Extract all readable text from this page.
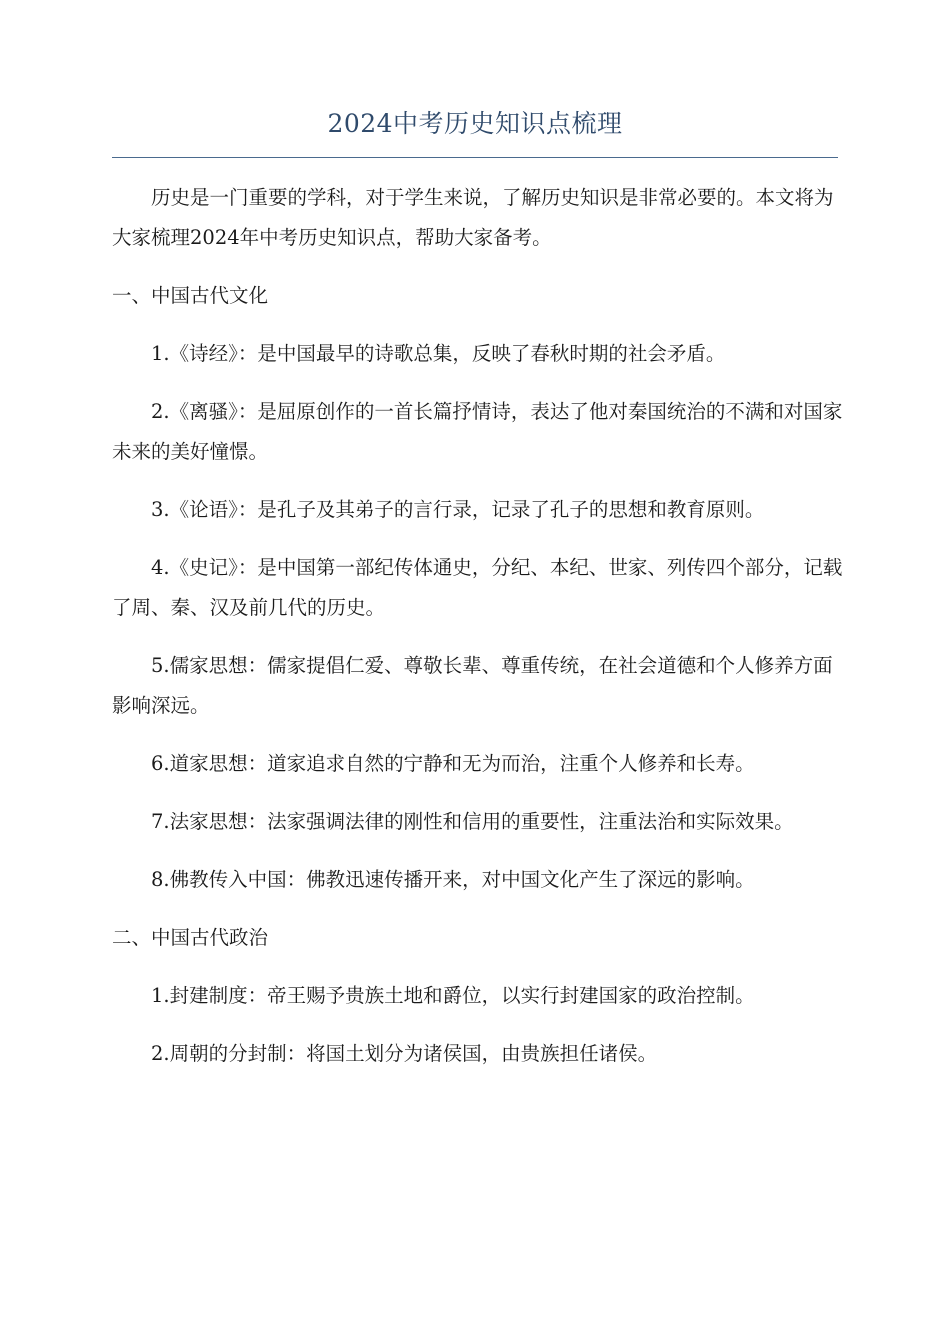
2024中考历史知识点梳理

历史是一门重要的学科，对于学生来说，了解历史知识是非常必要的。本文将为大家梳理2024年中考历史知识点，帮助大家备考。

一、中国古代文化

1.《诗经》：是中国最早的诗歌总集，反映了春秋时期的社会矛盾。

2.《离骚》：是屈原创作的一首长篇抒情诗，表达了他对秦国统治的不满和对国家未来的美好憧憬。

3.《论语》：是孔子及其弟子的言行录，记录了孔子的思想和教育原则。

4.《史记》：是中国第一部纪传体通史，分纪、本纪、世家、列传四个部分，记载了周、秦、汉及前几代的历史。

5.儒家思想：儒家提倡仁爱、尊敬长辈、尊重传统，在社会道德和个人修养方面影响深远。

6.道家思想：道家追求自然的宁静和无为而治，注重个人修养和长寿。

7.法家思想：法家强调法律的刚性和信用的重要性，注重法治和实际效果。

8.佛教传入中国：佛教迅速传播开来，对中国文化产生了深远的影响。

二、中国古代政治

1.封建制度：帝王赐予贵族土地和爵位，以实行封建国家的政治控制。

2.周朝的分封制：将国土划分为诸侯国，由贵族担任诸侯。
